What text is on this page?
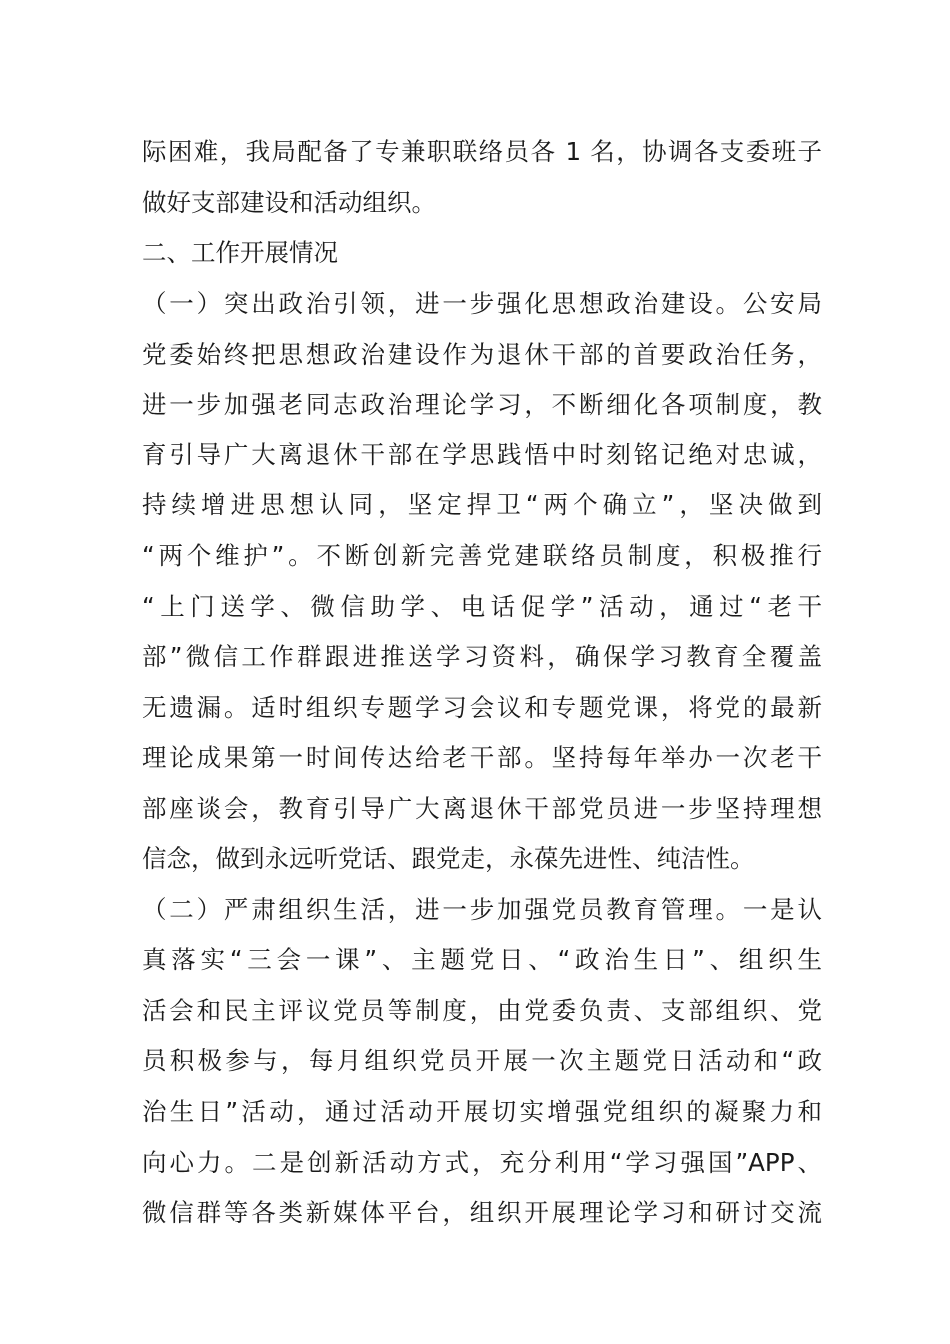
际困难，我局配备了专兼职联络员各 1 名，协调各支委班子
做好支部建设和活动组织。
二、工作开展情况
（一）突出政治引领，进一步强化思想政治建设。公安局
党委始终把思想政治建设作为退休干部的首要政治任务，
进一步加强老同志政治理论学习，不断细化各项制度，教
育引导广大离退休干部在学思践悟中时刻铭记绝对忠诚，
持续增进思想认同，坚定捍卫“两个确立”，坚决做到
“两个维护”。不断创新完善党建联络员制度，积极推行
“上门送学、微信助学、电话促学”活动，通过“老干
部”微信工作群跟进推送学习资料，确保学习教育全覆盖
无遗漏。适时组织专题学习会议和专题党课，将党的最新
理论成果第一时间传达给老干部。坚持每年举办一次老干
部座谈会，教育引导广大离退休干部党员进一步坚持理想
信念，做到永远听党话、跟党走，永葆先进性、纯洁性。
（二）严肃组织生活，进一步加强党员教育管理。一是认
真落实“三会一课”、主题党日、“政治生日”、组织生
活会和民主评议党员等制度，由党委负责、支部组织、党
员积极参与，每月组织党员开展一次主题党日活动和“政
治生日”活动，通过活动开展切实增强党组织的凝聚力和
向心力。二是创新活动方式，充分利用“学习强国”APP、
微信群等各类新媒体平台，组织开展理论学习和研讨交流
